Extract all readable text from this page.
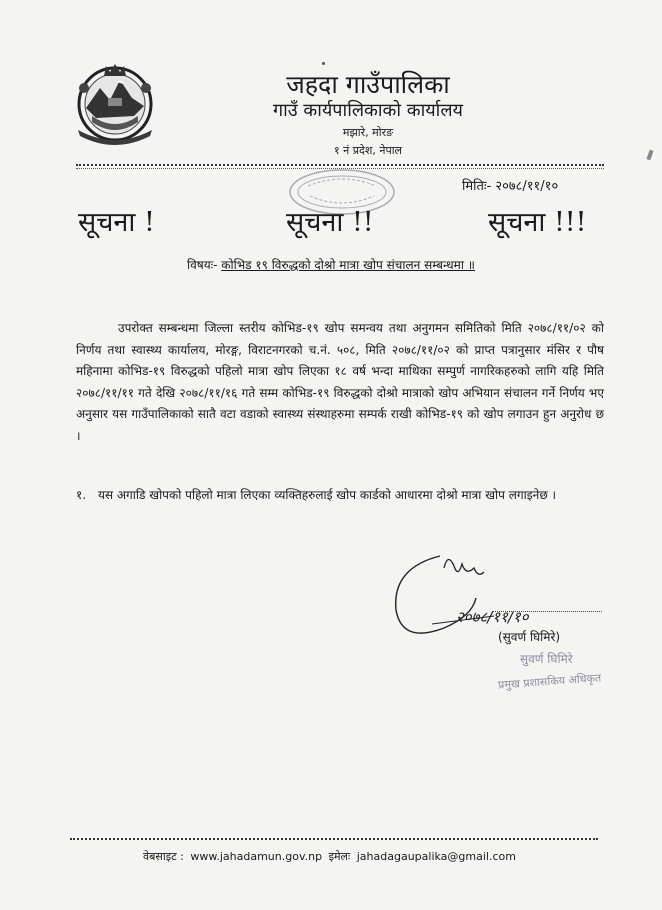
जहदा गाउँपालिका
गाउँ कार्यपालिकाको कार्यालय
मझारे, मोरङ
१ नं प्रदेश, नेपाल
मितिः- २०७८/११/१०
सूचना !	सूचना !!	सूचना !!!
विषयः- कोभिड १९ विरुद्धको दोश्रो मात्रा खोप संचालन सम्बन्धमा ॥

उपरोक्त सम्बन्धमा जिल्ला स्तरीय कोभिड-१९ खोप समन्वय तथा अनुगमन समितिको मिति २०७८/११/०२ को निर्णय तथा स्वास्थ्य कार्यालय, मोरङ्ग, विराटनगरको च.नं. ५०८, मिति २०७८/११/०२ को प्राप्त पत्रानुसार मंसिर र पौष महिनामा कोभिड-१९ विरुद्धको पहिलो मात्रा खोप लिएका १८ वर्ष भन्दा माथिका सम्पुर्ण नागरिकहरुको लागि यहि मिति २०७८/११/११ गते देखि २०७८/११/१६ गते सम्म कोभिड-१९ विरुद्धको दोश्रो मात्राको खोप अभियान संचालन गर्ने निर्णय भए अनुसार यस गाउँपालिकाको सातै वटा वडाको स्वास्थ्य संस्थाहरुमा सम्पर्क राखी कोभिड-१९ को खोप लगाउन हुन अनुरोध छ ।

१. यस अगाडि खोपको पहिलो मात्रा लिएका व्यक्तिहरुलाई खोप कार्डको आधारमा दोश्रो मात्रा खोप लगाइनेछ ।
२०७८/११/१०
(सुवर्ण घिमिरे)
सुवर्ण घिमिरे
प्रमुख प्रशासकिय अधिकृत
वेबसाइट : www.jahadamun.gov.np इमेलः jahadagaupalika@gmail.com
